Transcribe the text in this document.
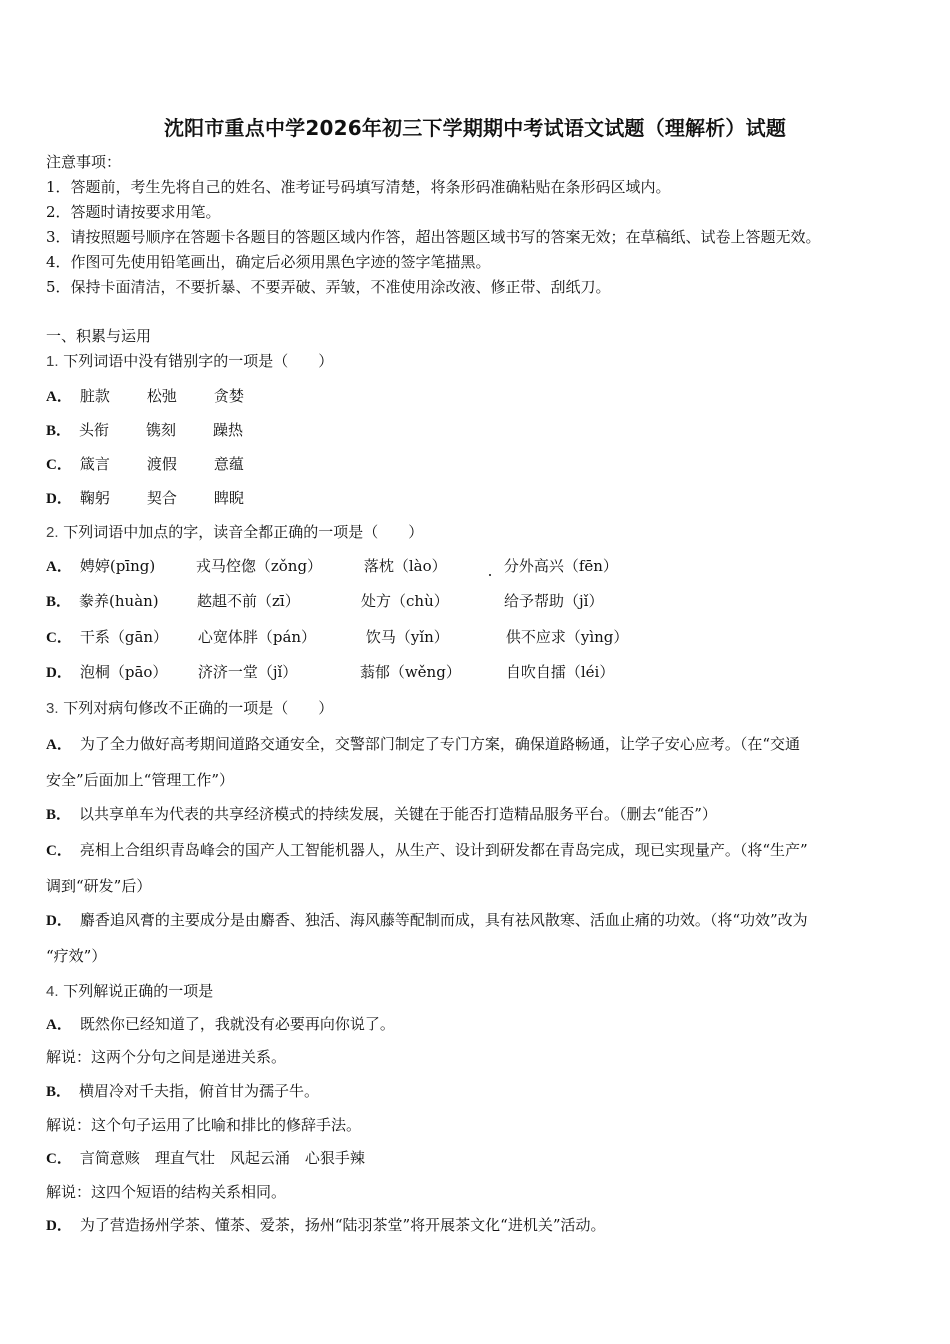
沈阳市重点中学2026年初三下学期期中考试语文试题（理解析）试题
注意事项：
1．答题前，考生先将自己的姓名、准考证号码填写清楚，将条形码准确粘贴在条形码区域内。
2．答题时请按要求用笔。
3．请按照题号顺序在答题卡各题目的答题区域内作答，超出答题区域书写的答案无效；在草稿纸、试卷上答题无效。
4．作图可先使用铅笔画出，确定后必须用黑色字迹的签字笔描黑。
5．保持卡面清洁，不要折暴、不要弄破、弄皱，不准使用涂改液、修正带、刮纸刀。
一、积累与运用
1. 下列词语中没有错别字的一项是（　　）
A． 脏款 松弛 贪婪
B． 头衔 镌刻 躁热
C． 箴言 渡假 意蕴
D． 鞠躬 契合 睥睨
2. 下列词语中加点的字，读音全都正确的一项是（　　）
A． 娉婷(pīng)	戎马倥偬（zǒng）	落枕（lào）	分外高兴（fēn）
B． 豢养(huàn)	趑趄不前（zī）	处方（chù）	给予帮助（jǐ）
C． 干系（gān） 心宽体胖（pán）	饮马（yǐn）	供不应求（yìng）
D． 泡桐（pāo） 济济一堂（jǐ）	蓊郁（wěng）	自吹自擂（léi）
3. 下列对病句修改不正确的一项是（　　）
A． 为了全力做好高考期间道路交通安全，交警部门制定了专门方案，确保道路畅通，让学子安心应考。（在“交通
安全”后面加上“管理工作”）
B． 以共享单车为代表的共享经济模式的持续发展，关键在于能否打造精品服务平台。（删去“能否”）
C． 亮相上合组织青岛峰会的国产人工智能机器人，从生产、设计到研发都在青岛完成，现已实现量产。（将“生产”
调到“研发”后）
D． 麝香追风膏的主要成分是由麝香、独活、海风藤等配制而成，具有祛风散寒、活血止痛的功效。（将“功效”改为
“疗效”）
4. 下列解说正确的一项是
A． 既然你已经知道了，我就没有必要再向你说了。
解说：这两个分句之间是递进关系。
B． 横眉冷对千夫指，俯首甘为孺子牛。
解说：这个句子运用了比喻和排比的修辞手法。
C． 言简意赅　理直气壮　风起云涌　心狠手辣
解说：这四个短语的结构关系相同。
D． 为了营造扬州学茶、懂茶、爱茶，扬州“陆羽茶堂”将开展茶文化“进机关”活动。
